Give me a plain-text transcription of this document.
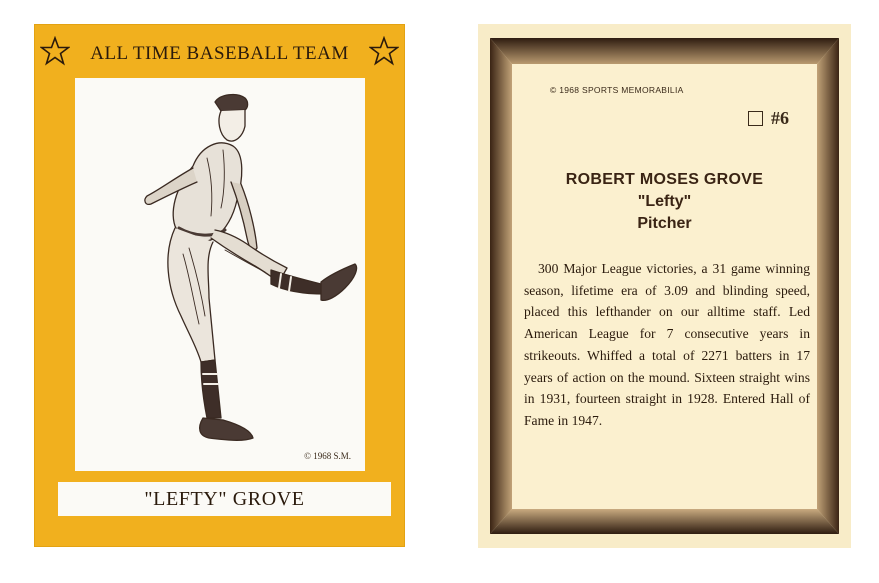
ALL TIME BASEBALL TEAM
© 1968 S.M.
"LEFTY" GROVE
© 1968 SPORTS MEMORABILIA
#6
ROBERT MOSES GROVE
"Lefty"
Pitcher

300 Major League victories, a 31 game winning season, lifetime era of 3.09 and blinding speed, placed this lefthander on our alltime staff. Led American League for 7 consecutive years in strikeouts. Whiffed a total of 2271 batters in 17 years of action on the mound. Sixteen straight wins in 1931, fourteen straight in 1928. Entered Hall of Fame in 1947.
